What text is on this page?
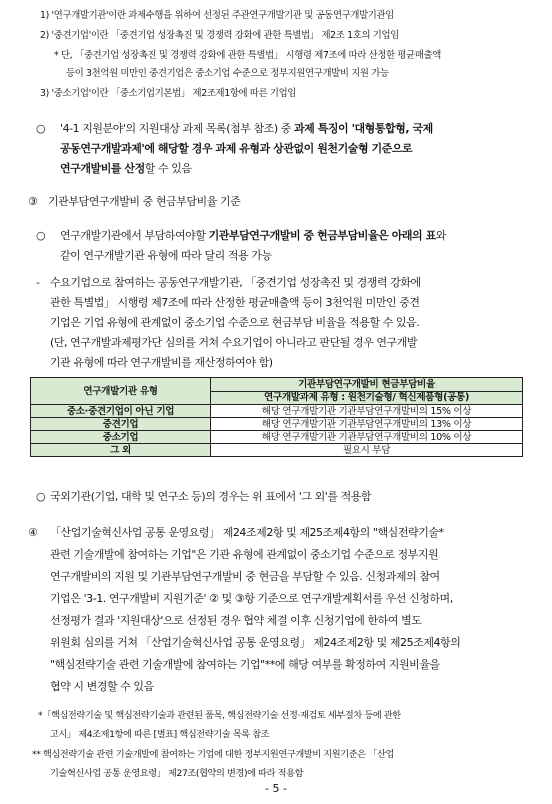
1) '연구개발기관'이란 과제수행을 위하여 선정된 주관연구개발기관 및 공동연구개발기관임
2) '중견기업'이란 「중견기업 성장촉진 및 경쟁력 강화에 관한 특별법」 제2조 1호의 기업임
* 단, 「중견기업 성장촉진 및 경쟁력 강화에 관한 특별법」 시행령 제7조에 따라 산정한 평균매출액
등이 3천억원 미만인 중견기업은 중소기업 수준으로 정부지원연구개발비 지원 가능
3) '중소기업'이란 「중소기업기본법」 제2조제1항에 따른 기업임
○ '4-1 지원분야'의 지원대상 과제 목록(첨부 참조) 중 과제 특징이 '대형통합형, 국제
공동연구개발과제'에 해당할 경우 과제 유형과 상관없이 원천기술형 기준으로
연구개발비를 산정할 수 있음
③ 기관부담연구개발비 중 현금부담비율 기준
○ 연구개발기관에서 부담하여야할 기관부담연구개발비 중 현금부담비율은 아래의 표와
같이 연구개발기관 유형에 따라 달리 적용 가능
- 수요기업으로 참여하는 공동연구개발기관, 「중견기업 성장촉진 및 경쟁력 강화에
관한 특별법」 시행령 제7조에 따라 산정한 평균매출액 등이 3천억원 미만인 중견
기업은 기업 유형에 관계없이 중소기업 수준으로 현금부담 비율을 적용할 수 있음.
(단, 연구개발과제평가단 심의를 거쳐 수요기업이 아니라고 판단될 경우 연구개발
기관 유형에 따라 연구개발비를 재산정하여야 함)
연구개발기관 유형	기관부담연구개발비 현금부담비율
	연구개발과제 유형 : 원천기술형/ 혁신제품형(공통)
중소·중견기업이 아닌 기업	해당 연구개발기관 기관부담연구개발비의 15% 이상
중견기업	해당 연구개발기관 기관부담연구개발비의 13% 이상
중소기업	해당 연구개발기관 기관부담연구개발비의 10% 이상
그 외	필요시 부담
○ 국외기관(기업, 대학 및 연구소 등)의 경우는 위 표에서 '그 외'를 적용함
④ 「산업기술혁신사업 공통 운영요령」 제24조제2항 및 제25조제4항의 "핵심전략기술*
관련 기술개발에 참여하는 기업"은 기관 유형에 관계없이 중소기업 수준으로 정부지원
연구개발비의 지원 및 기관부담연구개발비 중 현금을 부담할 수 있음. 신청과제의 참여
기업은 '3-1. 연구개발비 지원기준' ② 및 ③항 기준으로 연구개발계획서를 우선 신청하며,
선정평가 결과 '지원대상'으로 선정된 경우 협약 체결 이후 신청기업에 한하여 별도
위원회 심의를 거쳐 「산업기술혁신사업 공통 운영요령」 제24조제2항 및 제25조제4항의
"핵심전략기술 관련 기술개발에 참여하는 기업"**에 해당 여부를 확정하여 지원비율을
협약 시 변경할 수 있음
*「핵심전략기술 및 핵심전략기술과 관련된 품목, 핵심전략기술 선정·재검토 세부절차 등에 관한
고시」 제4조제1항에 따른 [별표] 핵심전략기술 목록 참조
** 핵심전략기술 관련 기술개발에 참여하는 기업에 대한 정부지원연구개발비 지원기준은 「산업
기술혁신사업 공통 운영요령」 제27조(협약의 변경)에 따라 적용함
- 5 -
